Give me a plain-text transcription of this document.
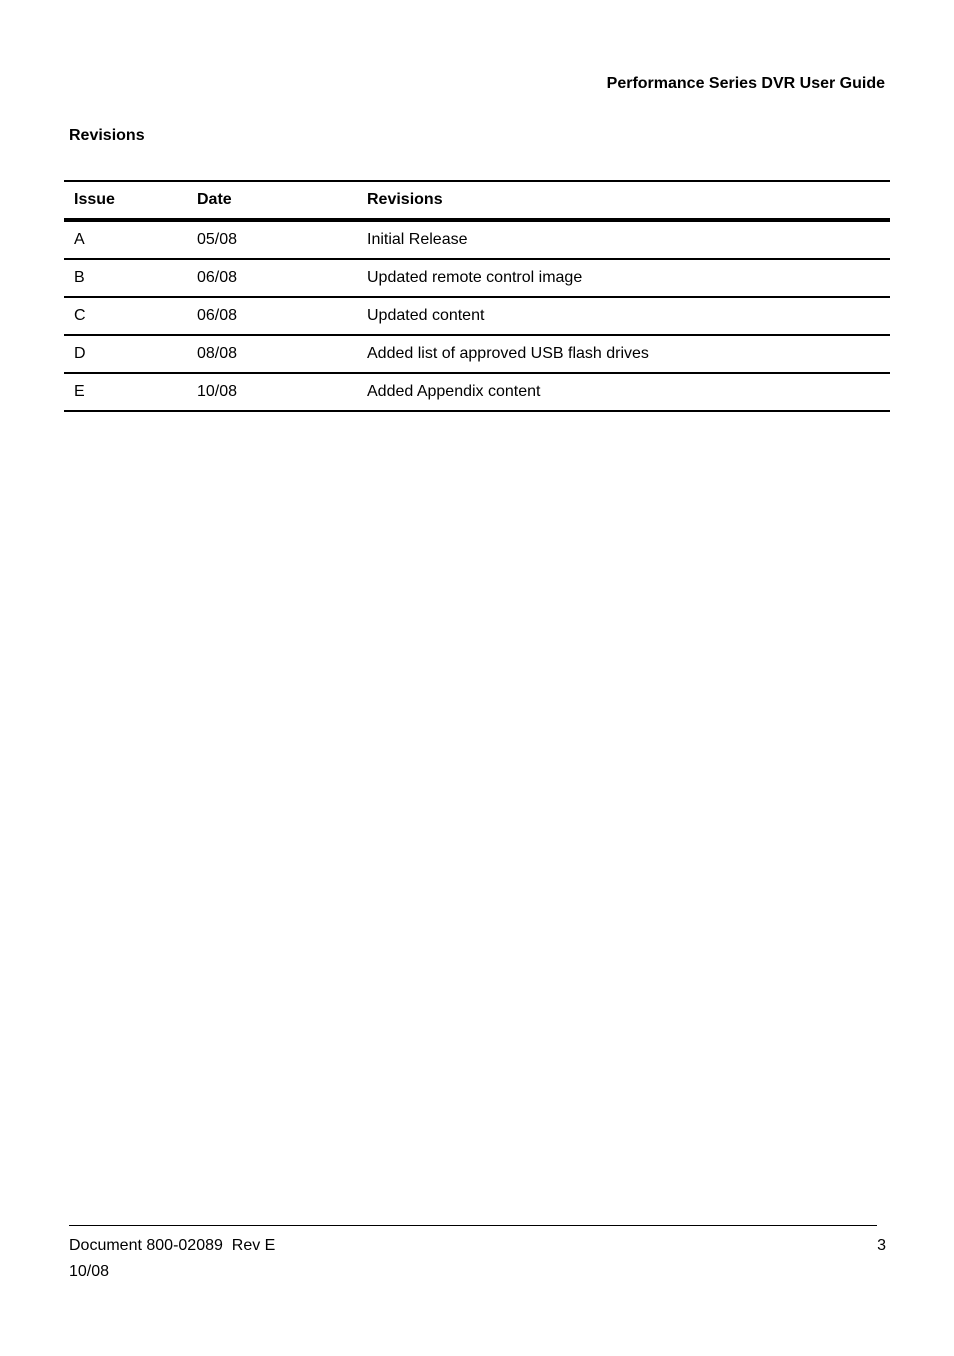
Performance Series DVR User Guide
Revisions
Issue	Date	Revisions
A	05/08	Initial Release
B	06/08	Updated remote control image
C	06/08	Updated content
D	08/08	Added list of approved USB flash drives
E	10/08	Added Appendix content
Document 800-02089  Rev E
10/08
3
